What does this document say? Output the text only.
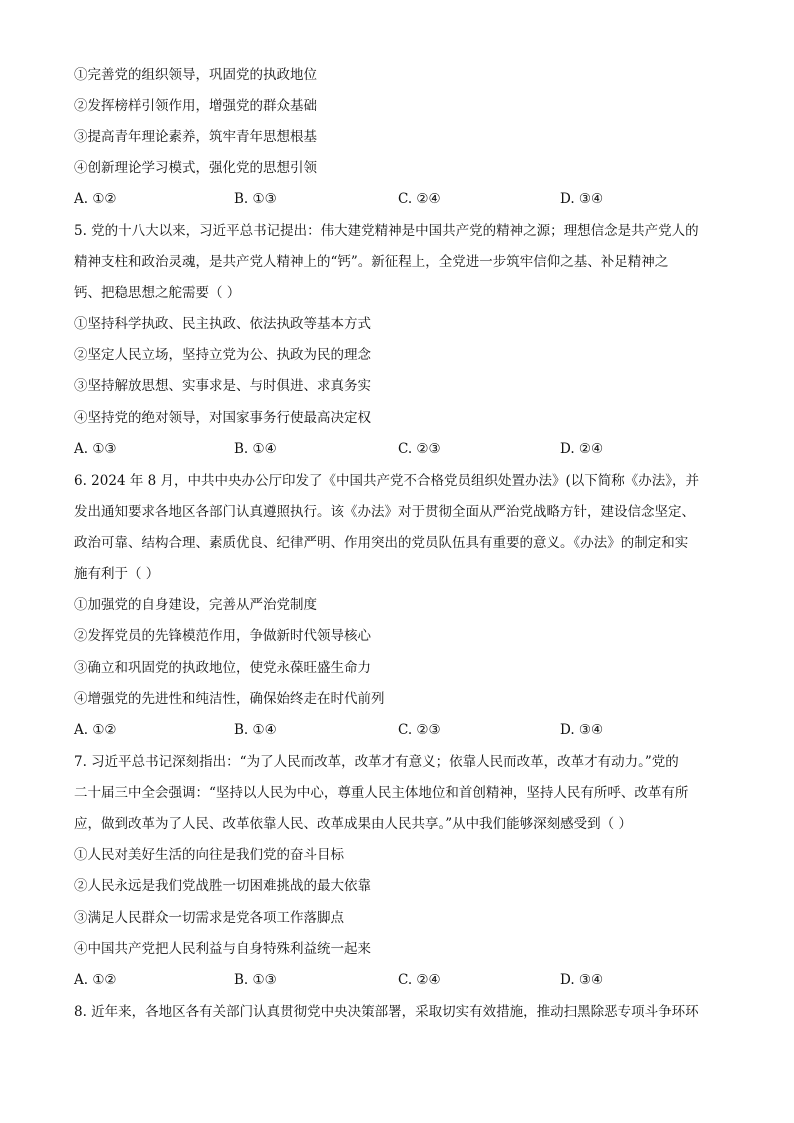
①完善党的组织领导，巩固党的执政地位
②发挥榜样引领作用，增强党的群众基础
③提高青年理论素养，筑牢青年思想根基
④创新理论学习模式，强化党的思想引领
A. ①②	B. ①③	C. ②④	D. ③④
5. 党的十八大以来，习近平总书记提出：伟大建党精神是中国共产党的精神之源；理想信念是共产党人的
精神支柱和政治灵魂，是共产党人精神上的“钙”。新征程上，全党进一步筑牢信仰之基、补足精神之
钙、把稳思想之舵需要（ ）
①坚持科学执政、民主执政、依法执政等基本方式
②坚定人民立场，坚持立党为公、执政为民的理念
③坚持解放思想、实事求是、与时俱进、求真务实
④坚持党的绝对领导，对国家事务行使最高决定权
A. ①③	B. ①④	C. ②③	D. ②④
6. 2024 年 8 月，中共中央办公厅印发了《中国共产党不合格党员组织处置办法》(以下简称《办法》，并
发出通知要求各地区各部门认真遵照执行。该《办法》对于贯彻全面从严治党战略方针，建设信念坚定、
政治可靠、结构合理、素质优良、纪律严明、作用突出的党员队伍具有重要的意义。《办法》的制定和实
施有利于（ ）
①加强党的自身建设，完善从严治党制度
②发挥党员的先锋模范作用，争做新时代领导核心
③确立和巩固党的执政地位，使党永葆旺盛生命力
④增强党的先进性和纯洁性，确保始终走在时代前列
A. ①②	B. ①④	C. ②③	D. ③④
7. 习近平总书记深刻指出：“为了人民而改革，改革才有意义；依靠人民而改革，改革才有动力。”党的
二十届三中全会强调：“坚持以人民为中心，尊重人民主体地位和首创精神，坚持人民有所呼、改革有所
应，做到改革为了人民、改革依靠人民、改革成果由人民共享。”从中我们能够深刻感受到（ ）
①人民对美好生活的向往是我们党的奋斗目标
②人民永远是我们党战胜一切困难挑战的最大依靠
③满足人民群众一切需求是党各项工作落脚点
④中国共产党把人民利益与自身特殊利益统一起来
A. ①②	B. ①③	C. ②④	D. ③④
8. 近年来，各地区各有关部门认真贯彻党中央决策部署，采取切实有效措施，推动扫黑除恶专项斗争环环
